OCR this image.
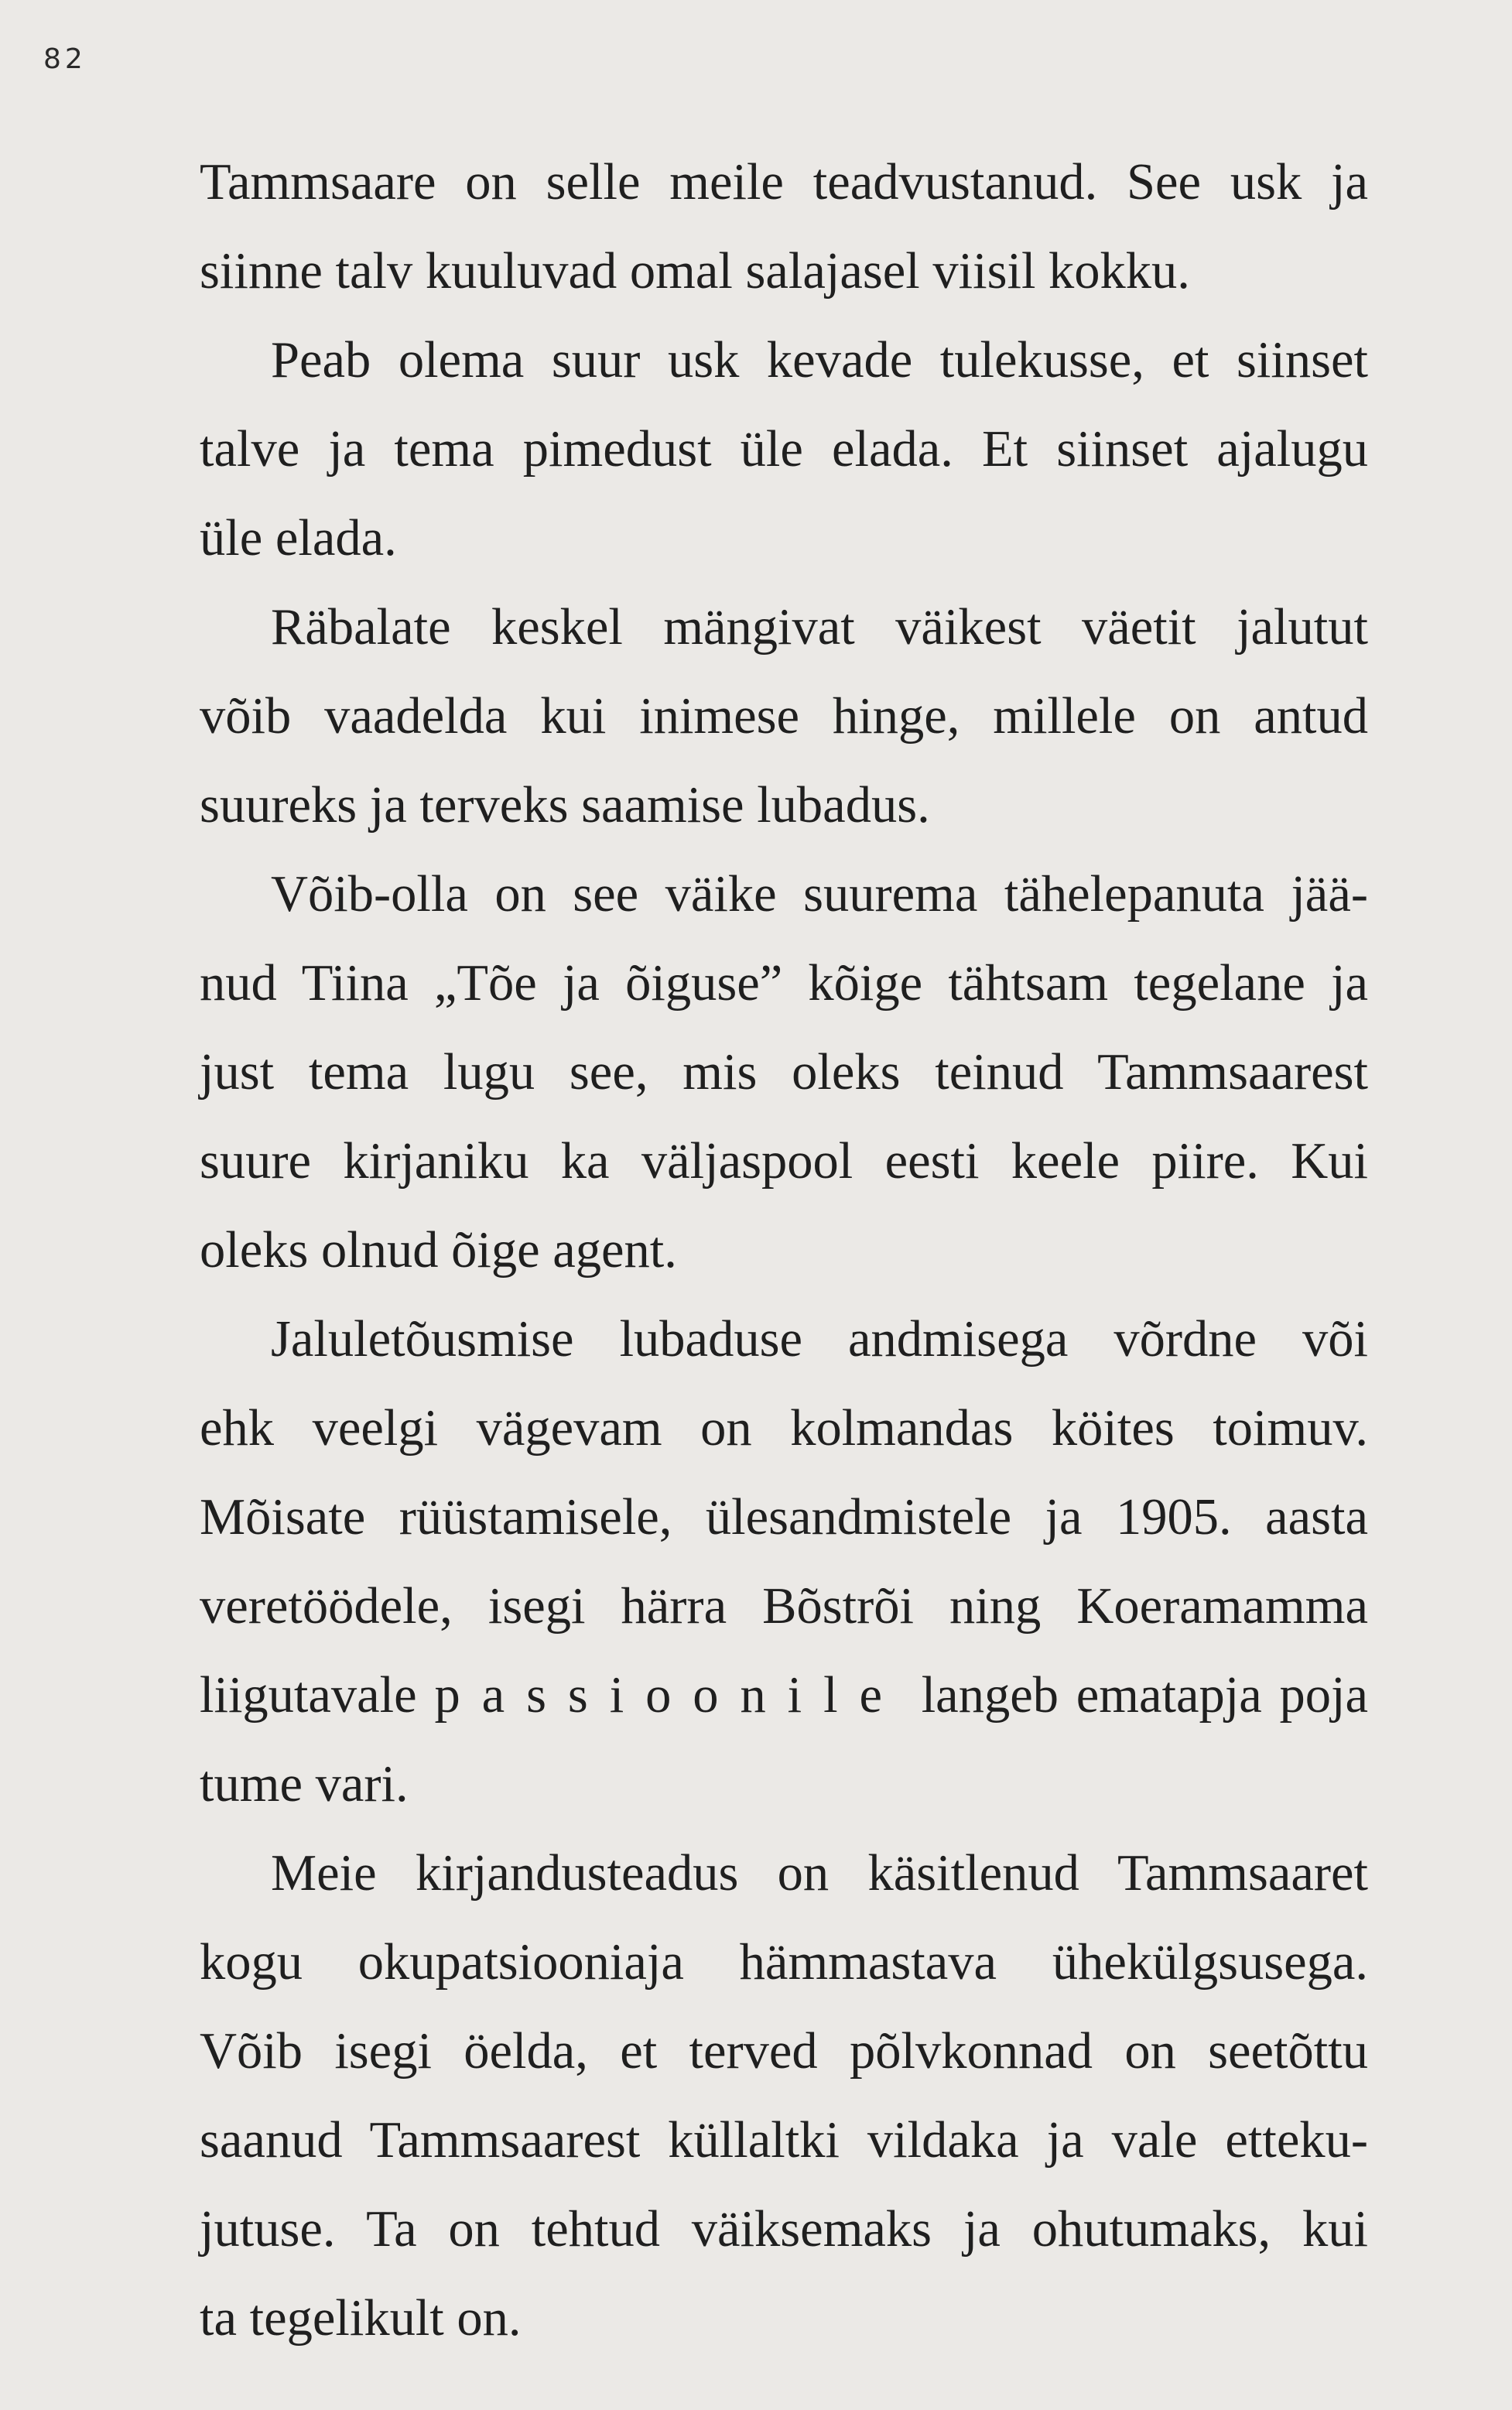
82
Tammsaare on selle meile teadvustanud. See usk ja
siinne talv kuuluvad omal salajasel viisil kokku.
Peab olema suur usk kevade tulekusse, et siinset
talve ja tema pimedust üle elada. Et siinset ajalugu
üle elada.
Räbalate keskel mängivat väikest väetit jalutut
võib vaadelda kui inimese hinge, millele on antud
suureks ja terveks saamise lubadus.
Võib-olla on see väike suurema tähelepanuta jää-
nud Tiina „Tõe ja õiguse” kõige tähtsam tegelane ja
just tema lugu see, mis oleks teinud Tammsaarest
suure kirjaniku ka väljaspool eesti keele piire. Kui
oleks olnud õige agent.
Jaluletõusmise lubaduse andmisega võrdne või
ehk veelgi vägevam on kolmandas köites toimuv.
Mõisate rüüstamisele, ülesandmistele ja 1905. aasta
veretöödele, isegi härra Bõstrõi ning Koeramamma
liigutavale passioonile langeb ematapja poja
tume vari.
Meie kirjandusteadus on käsitlenud Tammsaaret
kogu okupatsiooniaja hämmastava ühekülgsusega.
Võib isegi öelda, et terved põlvkonnad on seetõttu
saanud Tammsaarest küllaltki vildaka ja vale etteku-
jutuse. Ta on tehtud väiksemaks ja ohutumaks, kui
ta tegelikult on.
